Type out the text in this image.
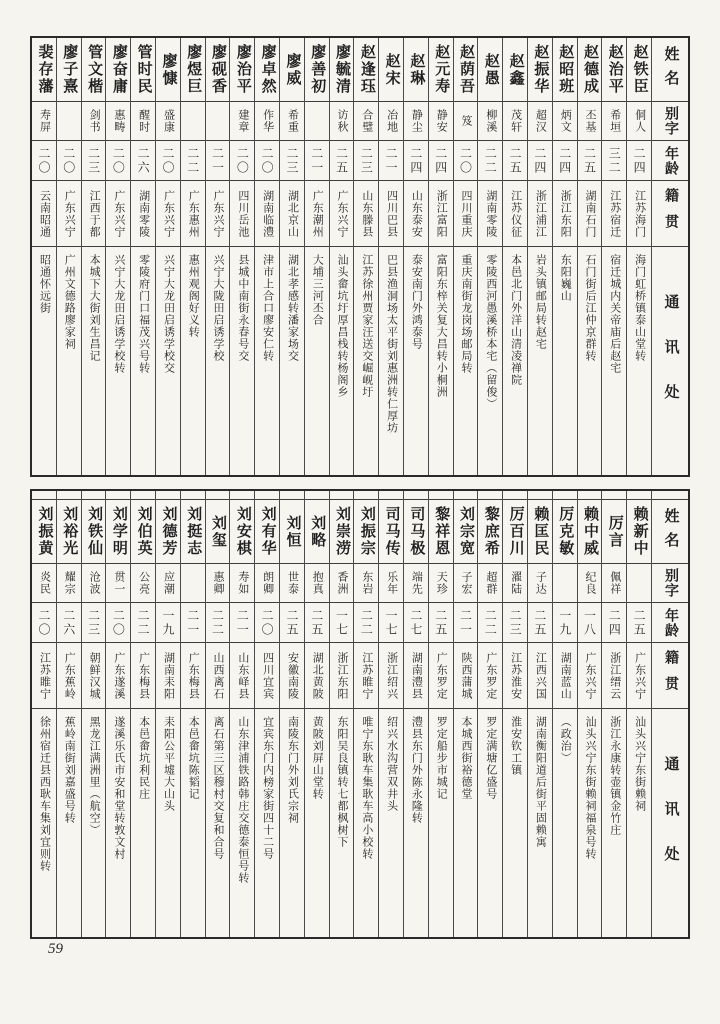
姓名
别字
年龄
籍贯
通讯处
赵铁臣
侗人
二四
江苏海门
海门虹桥镇泰山堂转
赵治平
希垣
三二
江苏宿迁
宿迁城内关帝庙后赵宅
赵德成
丕基
二五
湖南石门
石门街后江仲京群转
赵昭班
炳文
二四
浙江东阳
东阳巍山
赵振华
超汉
二四
浙江浦江
岩头镇邮局转赵宅
赵鑫
茂轩
二五
江苏仪征
本邑北门外洋山清凌禅院
赵愚
柳溪
二二
湖南零陵
零陵西河愚溪桥本宅（留俊）
赵荫吾
笈
二〇
四川重庆
重庆南街龙岗场邮局转
赵元寿
静安
二四
浙江富阳
富阳东梓关复大昌转小桐洲
赵琳
静尘
二四
山东泰安
泰安南门外鸿泰号
赵宋
冶地
二一
四川巴县
巴县渔洞场太平街刘惠洲转仁厚坊
赵逢珏
合璧
二三
山东滕县
江苏徐州贾家汪送交崛岘圩
廖毓清
访秋
二五
广东兴宁
汕头畲坑圩厚昌栈转杨阁乡
廖善初
二一
广东潮州
大埔三河丕合
廖威
希重
二三
湖北京山
湖北孝感转潘家场交
廖卓然
作华
二〇
湖南临澧
津市上合口廖安仁转
廖治平
建章
二〇
四川岳池
县城中南街永春号交
廖砚香
二一
广东兴宁
兴宁大陇田启诱学校
廖煜巨
二二
广东惠州
惠州观阁好义转
廖慷
盛康
二〇
广东兴宁
兴宁大龙田启诱学校交
管时民
醒时
二六
湖南零陵
零陵府门口福茂兴号转
廖奋庸
惠畴
二〇
广东兴宁
兴宁大龙田启诱学校转
管文楷
剑书
二三
江西于都
本城下大街刘生昌记
廖子熹
二〇
广东兴宁
广州文德路廖家祠
裴存藩
寿屏
二〇
云南昭通
昭通怀远街
姓名
别字
年龄
籍贯
通讯处
赖新中
二五
广东兴宁
汕头兴宁东街赖祠
厉言
佩祥
二四
浙江缙云
浙江永康转壶镇金竹庄
赖中威
纪良
一八
广东兴宁
汕头兴宁东街赖祠福泉号转
厉克敏
一九
湖南蓝山
（政治）
赖匡民
子达
二五
江西兴国
湖南衡阳道后街平固赖寓
厉百川
濯陆
二三
江苏淮安
淮安钦工镇
黎庶希
超群
二二
广东罗定
罗定满塘亿盛号
刘宗宽
子宏
二一
陕西蒲城
本城西街裕德堂
黎祥恩
天珍
二五
广东罗定
罗定船步市城记
司马极
端先
二七
湖南澧县
澧县东门外陈永隆转
司马传
乐年
一七
浙江绍兴
绍兴水沟营双井头
刘振宗
东岩
二二
江苏睢宁
唯宁东耿车集耿车高小校转
刘崇涝
香洲
一七
浙江东阳
东阳吴良镇转七都枫树下
刘略
抱真
二五
湖北黄陂
黄陂刘屏山堂转
刘恒
世泰
二五
安徽南陵
南陵东门外刘氏宗祠
刘有华
朗卿
二〇
四川宜宾
宜宾东门内榜家街四十二号
刘安棋
寿如
二一
山东峄县
山东津浦铁路韩庄交德泰恒号转
刘玺
惠卿
二二
山西离石
离石第三区穆村交复和合号
刘挺志
二一
广东梅县
本邑畲坑陈韬记
刘德芳
应潮
一九
湖南耒阳
耒阳公平墟大山头
刘伯英
公亮
二二
广东梅县
本邑畲坑利民庄
刘学明
贯一
二〇
广东遂溪
遂溪乐氏市安和堂转敦文村
刘铁仙
沧波
二三
朝鲜汉城
黑龙江满洲里（航空）
刘裕光
耀宗
二六
广东蕉岭
蕉岭南街刘嘉盛号转
刘振黄
炎民
二〇
江苏睢宁
徐州宿迁县西耿车集刘宜则转
59
